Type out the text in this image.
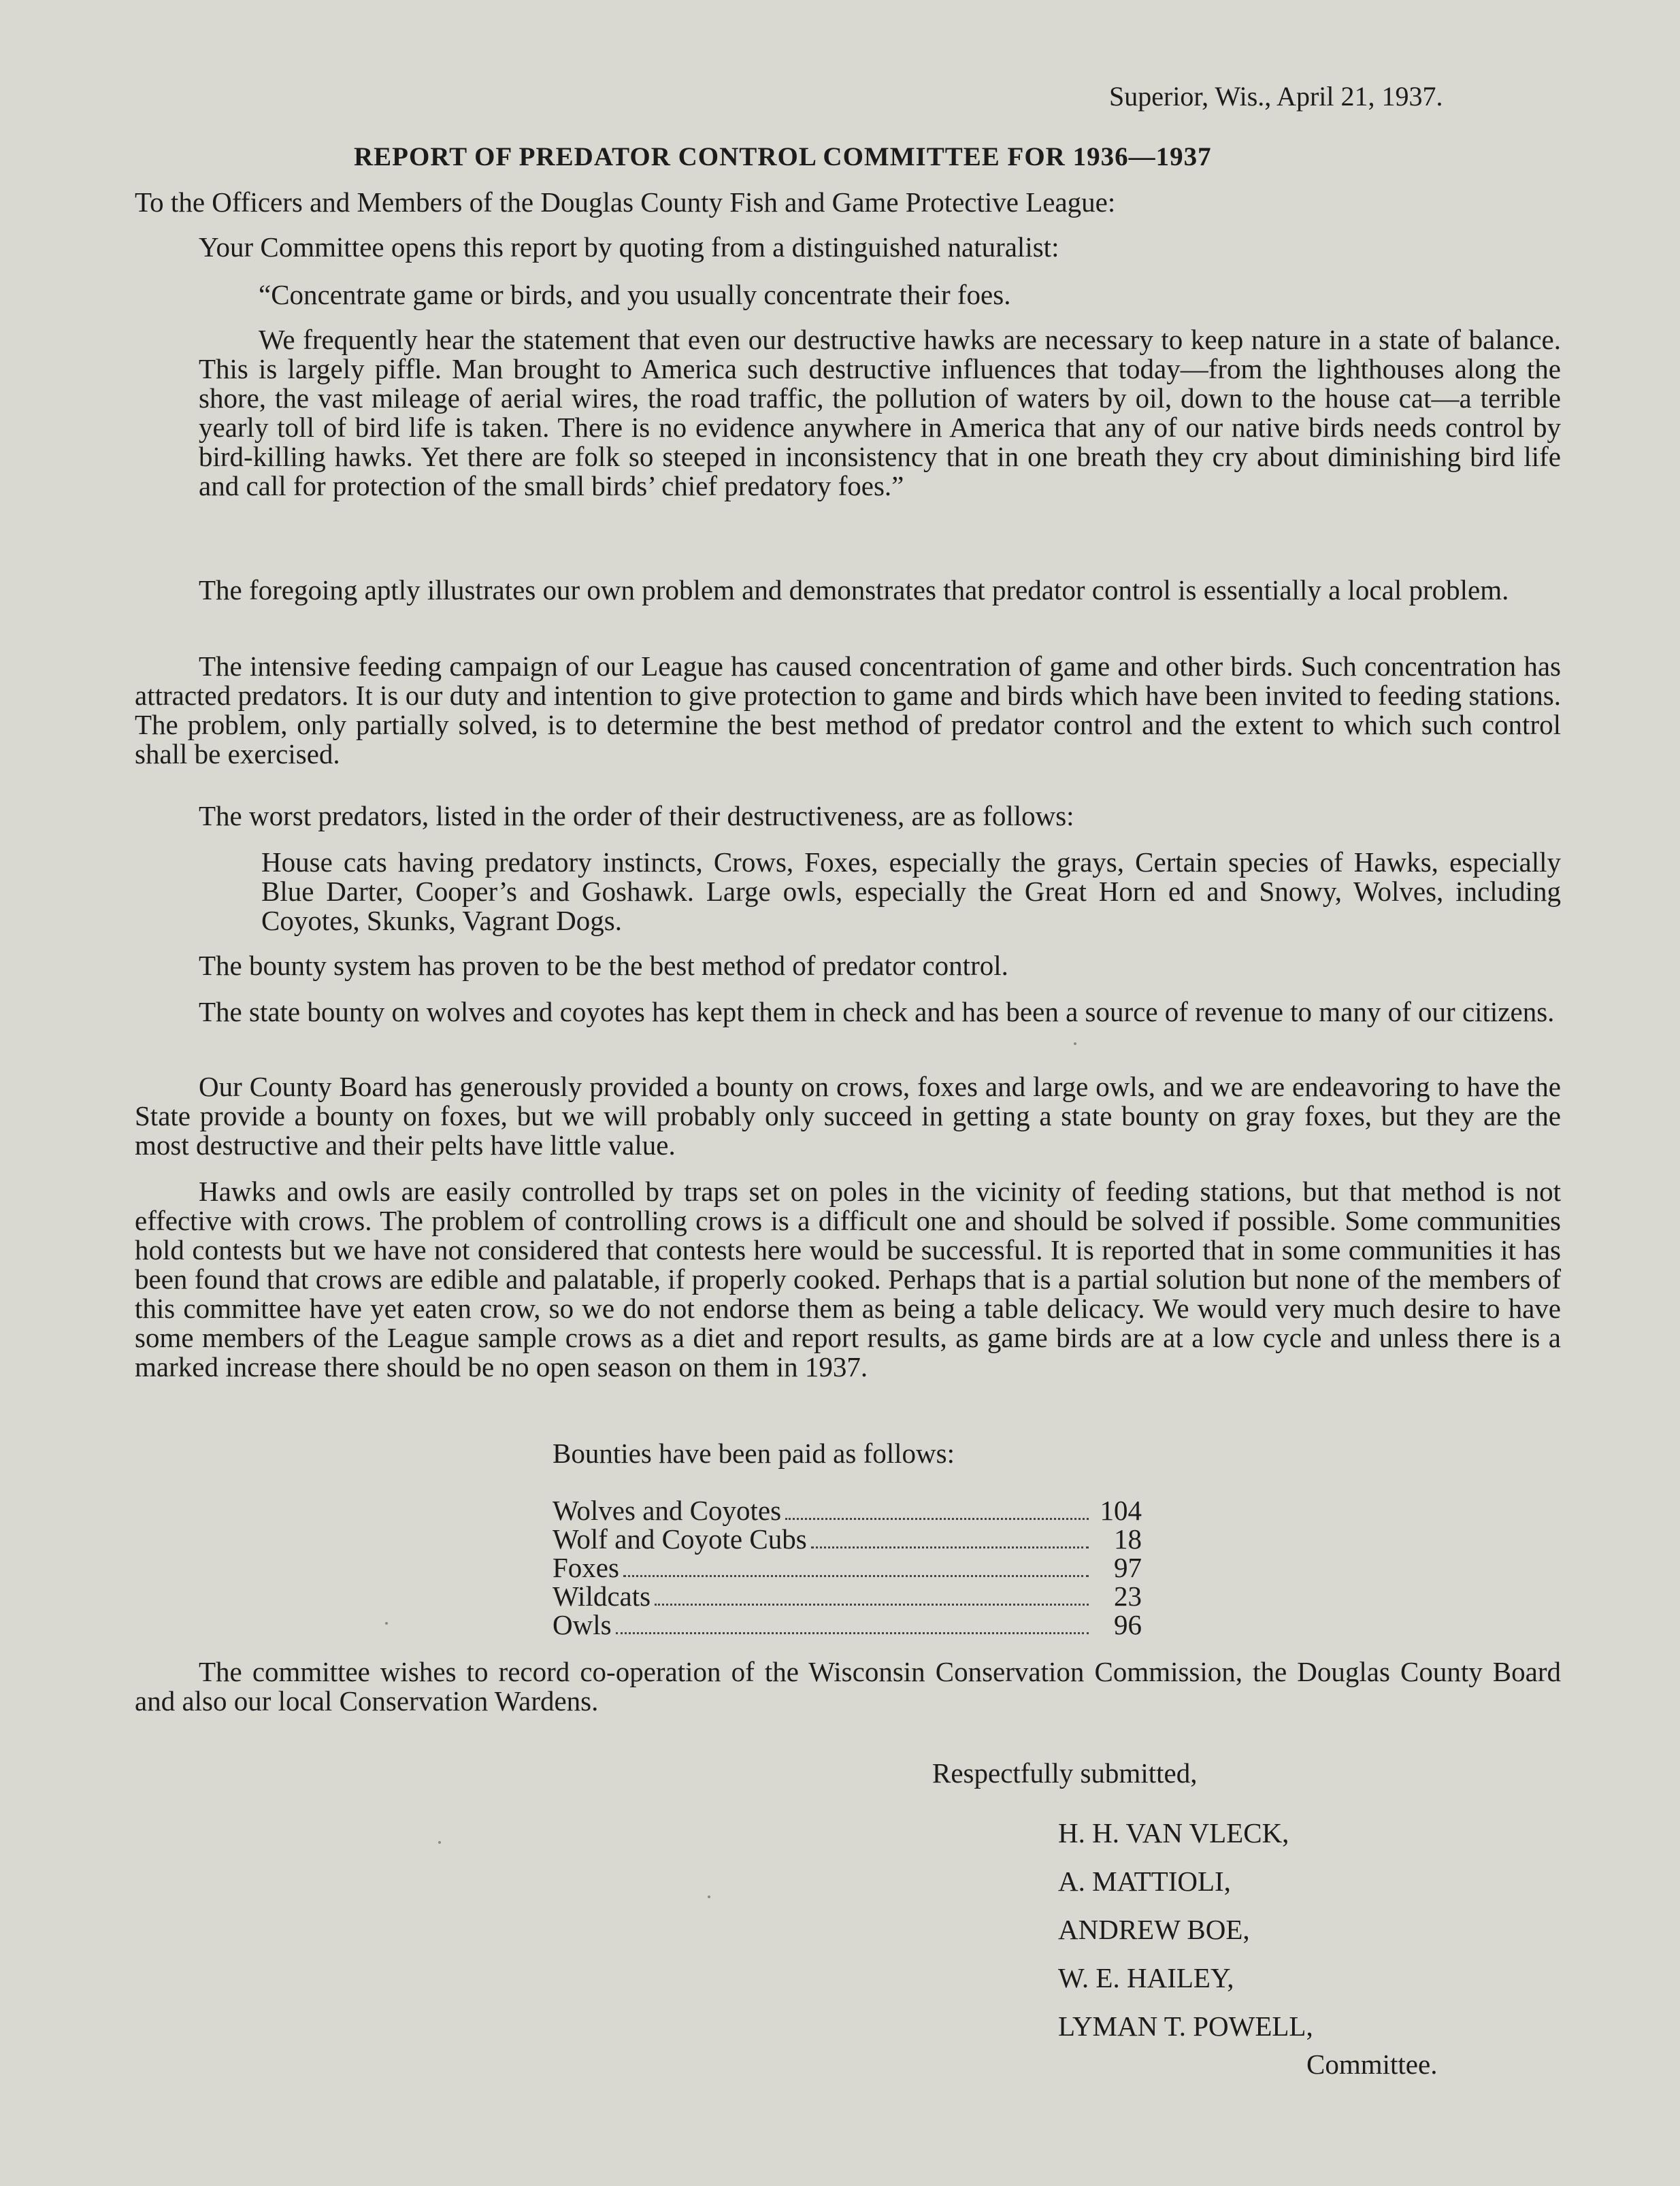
Superior, Wis., April 21, 1937.
REPORT OF PREDATOR CONTROL COMMITTEE FOR 1936—1937
To the Officers and Members of the Douglas County Fish and Game Protective League:
Your Committee opens this report by quoting from a distinguished naturalist:
“Concentrate game or birds, and you usually concentrate their foes.
We frequently hear the statement that even our destructive hawks are necessary to keep nature in a state of balance. This is largely piffle. Man brought to America such destructive influences that today—from the lighthouses along the shore, the vast mileage of aerial wires, the road traffic, the pollution of waters by oil, down to the house cat—a terrible yearly toll of bird life is taken. There is no evidence anywhere in America that any of our native birds needs control by bird-killing hawks. Yet there are folk so steeped in inconsistency that in one breath they cry about diminishing bird life and call for protection of the small birds’ chief predatory foes.”
The foregoing aptly illustrates our own problem and demonstrates that predator control is essentially a local problem.
The intensive feeding campaign of our League has caused concentration of game and other birds. Such concentration has attracted predators. It is our duty and intention to give protection to game and birds which have been invited to feeding stations. The problem, only partially solved, is to determine the best method of predator control and the extent to which such control shall be exercised.
The worst predators, listed in the order of their destructiveness, are as follows:
House cats having predatory instincts, Crows, Foxes, especially the grays, Certain species of Hawks, especially Blue Darter, Cooper’s and Goshawk. Large owls, especially the Great Horn ed and Snowy, Wolves, including Coyotes, Skunks, Vagrant Dogs.
The bounty system has proven to be the best method of predator control.
The state bounty on wolves and coyotes has kept them in check and has been a source of revenue to many of our citizens.
Our County Board has generously provided a bounty on crows, foxes and large owls, and we are endeavoring to have the State provide a bounty on foxes, but we will probably only succeed in getting a state bounty on gray foxes, but they are the most destructive and their pelts have little value.
Hawks and owls are easily controlled by traps set on poles in the vicinity of feeding stations, but that method is not effective with crows. The problem of controlling crows is a difficult one and should be solved if possible. Some communities hold contests but we have not considered that contests here would be successful. It is reported that in some communities it has been found that crows are edible and palatable, if properly cooked. Perhaps that is a partial solution but none of the members of this committee have yet eaten crow, so we do not endorse them as being a table delicacy. We would very much desire to have some members of the League sample crows as a diet and report results, as game birds are at a low cycle and unless there is a marked increase there should be no open season on them in 1937.
Bounties have been paid as follows:
Wolves and Coyotes	104
Wolf and Coyote Cubs	18
Foxes	97
Wildcats	23
Owls	96
The committee wishes to record co-operation of the Wisconsin Conservation Commission, the Douglas County Board and also our local Conservation Wardens.
Respectfully submitted,
H. H. VAN VLECK,
A. MATTIOLI,
ANDREW BOE,
W. E. HAILEY,
LYMAN T. POWELL,
Committee.
